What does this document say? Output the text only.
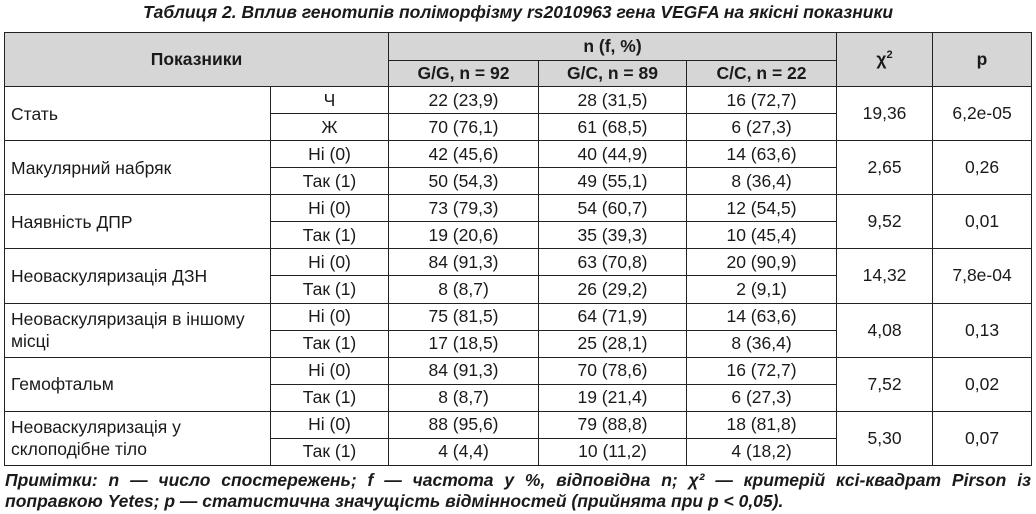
Таблиця 2. Вплив генотипів поліморфізму rs2010963 гена VEGFA на якісні показники
Показники		n (f, %)			$\chi^2$	p
		G/G, n = 92	G/C, n = 89	C/C, n = 22		
Стать	Ч	22 (23,9)	28 (31,5)	16 (72,7)	19,36	6,2е-05
	Ж	70 (76,1)	61 (68,5)	6 (27,3)		
Макулярний набряк	Ні (0)	42 (45,6)	40 (44,9)	14 (63,6)	2,65	0,26
	Так (1)	50 (54,3)	49 (55,1)	8 (36,4)		
Наявність ДПР	Ні (0)	73 (79,3)	54 (60,7)	12 (54,5)	9,52	0,01
	Так (1)	19 (20,6)	35 (39,3)	10 (45,4)		
Неоваскуляризація ДЗН	Ні (0)	84 (91,3)	63 (70,8)	20 (90,9)	14,32	7,8е-04
	Так (1)	8 (8,7)	26 (29,2)	2 (9,1)		
Неоваскуляризація в іншому місці	Ні (0)	75 (81,5)	64 (71,9)	14 (63,6)	4,08	0,13
	Так (1)	17 (18,5)	25 (28,1)	8 (36,4)		
Гемофтальм	Ні (0)	84 (91,3)	70 (78,6)	16 (72,7)	7,52	0,02
	Так (1)	8 (8,7)	19 (21,4)	6 (27,3)		
Неоваскуляризація у склоподібне тіло	Ні (0)	88 (95,6)	79 (88,8)	18 (81,8)	5,30	0,07
	Так (1)	4 (4,4)	10 (11,2)	4 (18,2)		
Примітки: n — число спостережень; f — частота у %, відповідна n; χ² — критерій ксі-квадрат Pirson із поправкою Yetes; p — статистична значущість відмінностей (прийнята при p < 0,05).
